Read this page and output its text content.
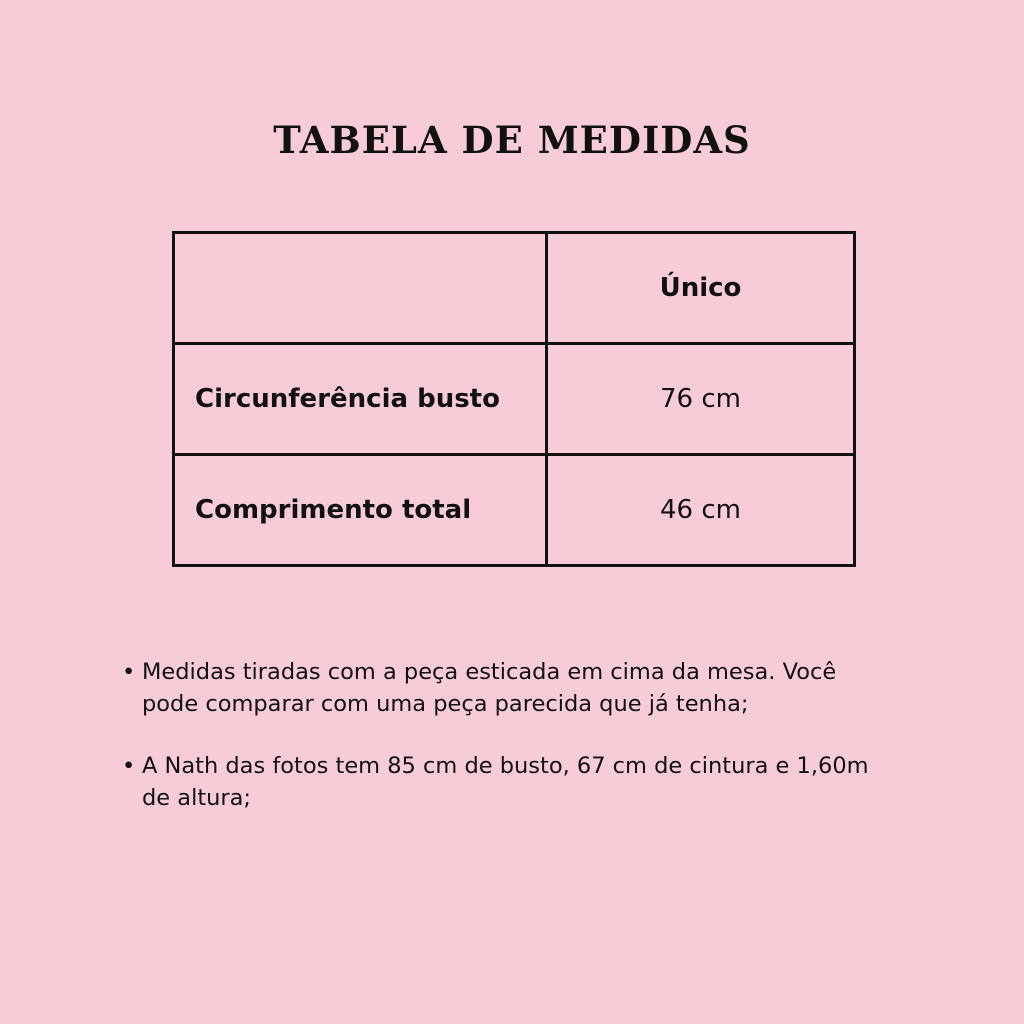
TABELA DE MEDIDAS
	Único
Circunferência busto	76 cm
Comprimento total	46 cm
• Medidas tiradas com a peça esticada em cima da mesa. Você pode comparar com uma peça parecida que já tenha;
• A Nath das fotos tem 85 cm de busto, 67 cm de cintura e 1,60m de altura;
